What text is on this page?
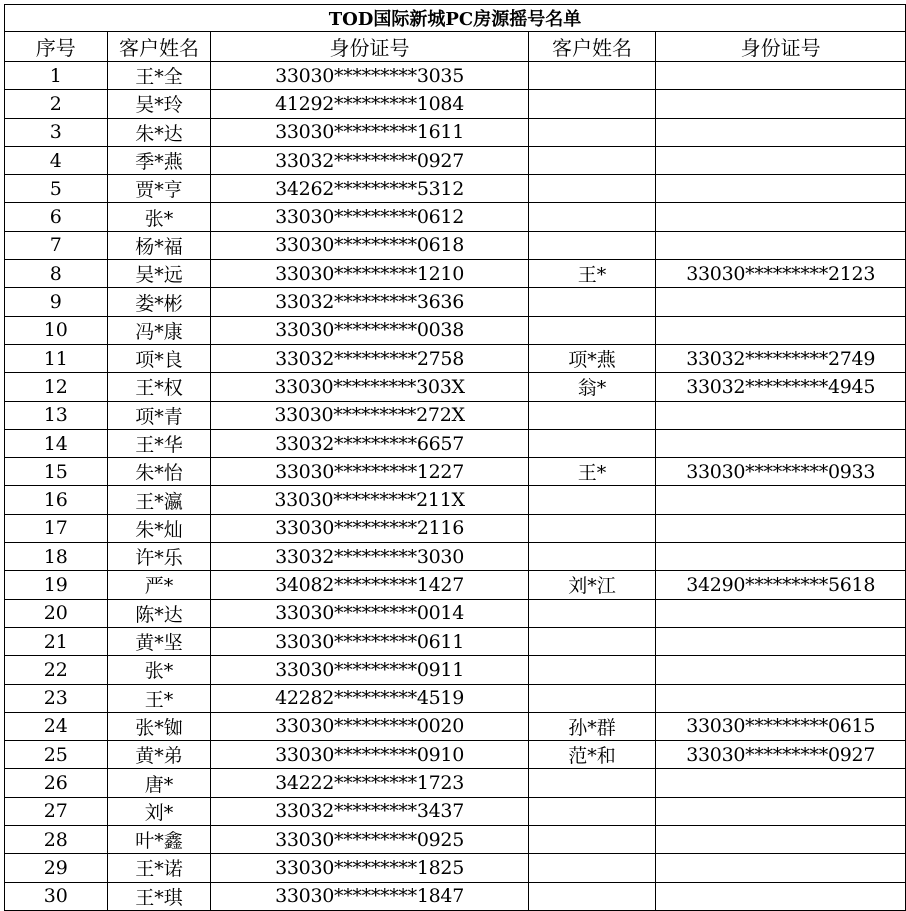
TOD国际新城PC房源摇号名单				
序号	客户姓名	身份证号	客户姓名	身份证号
1	王*全	33030*********3035		
2	吴*玲	41292*********1084		
3	朱*达	33030*********1611		
4	季*燕	33032*********0927		
5	贾*亨	34262*********5312		
6	张*	33030*********0612		
7	杨*福	33030*********0618		
8	吴*远	33030*********1210	王*	33030*********2123
9	娄*彬	33032*********3636		
10	冯*康	33030*********0038		
11	项*良	33032*********2758	项*燕	33032*********2749
12	王*权	33030*********303X	翁*	33032*********4945
13	项*青	33030*********272X		
14	王*华	33032*********6657		
15	朱*怡	33030*********1227	王*	33030*********0933
16	王*瀛	33030*********211X		
17	朱*灿	33030*********2116		
18	许*乐	33032*********3030		
19	严*	34082*********1427	刘*江	34290*********5618
20	陈*达	33030*********0014		
21	黄*坚	33030*********0611		
22	张*	33030*********0911		
23	王*	42282*********4519		
24	张*铷	33030*********0020	孙*群	33030*********0615
25	黄*弟	33030*********0910	范*和	33030*********0927
26	唐*	34222*********1723		
27	刘*	33032*********3437		
28	叶*鑫	33030*********0925		
29	王*诺	33030*********1825		
30	王*琪	33030*********1847		
